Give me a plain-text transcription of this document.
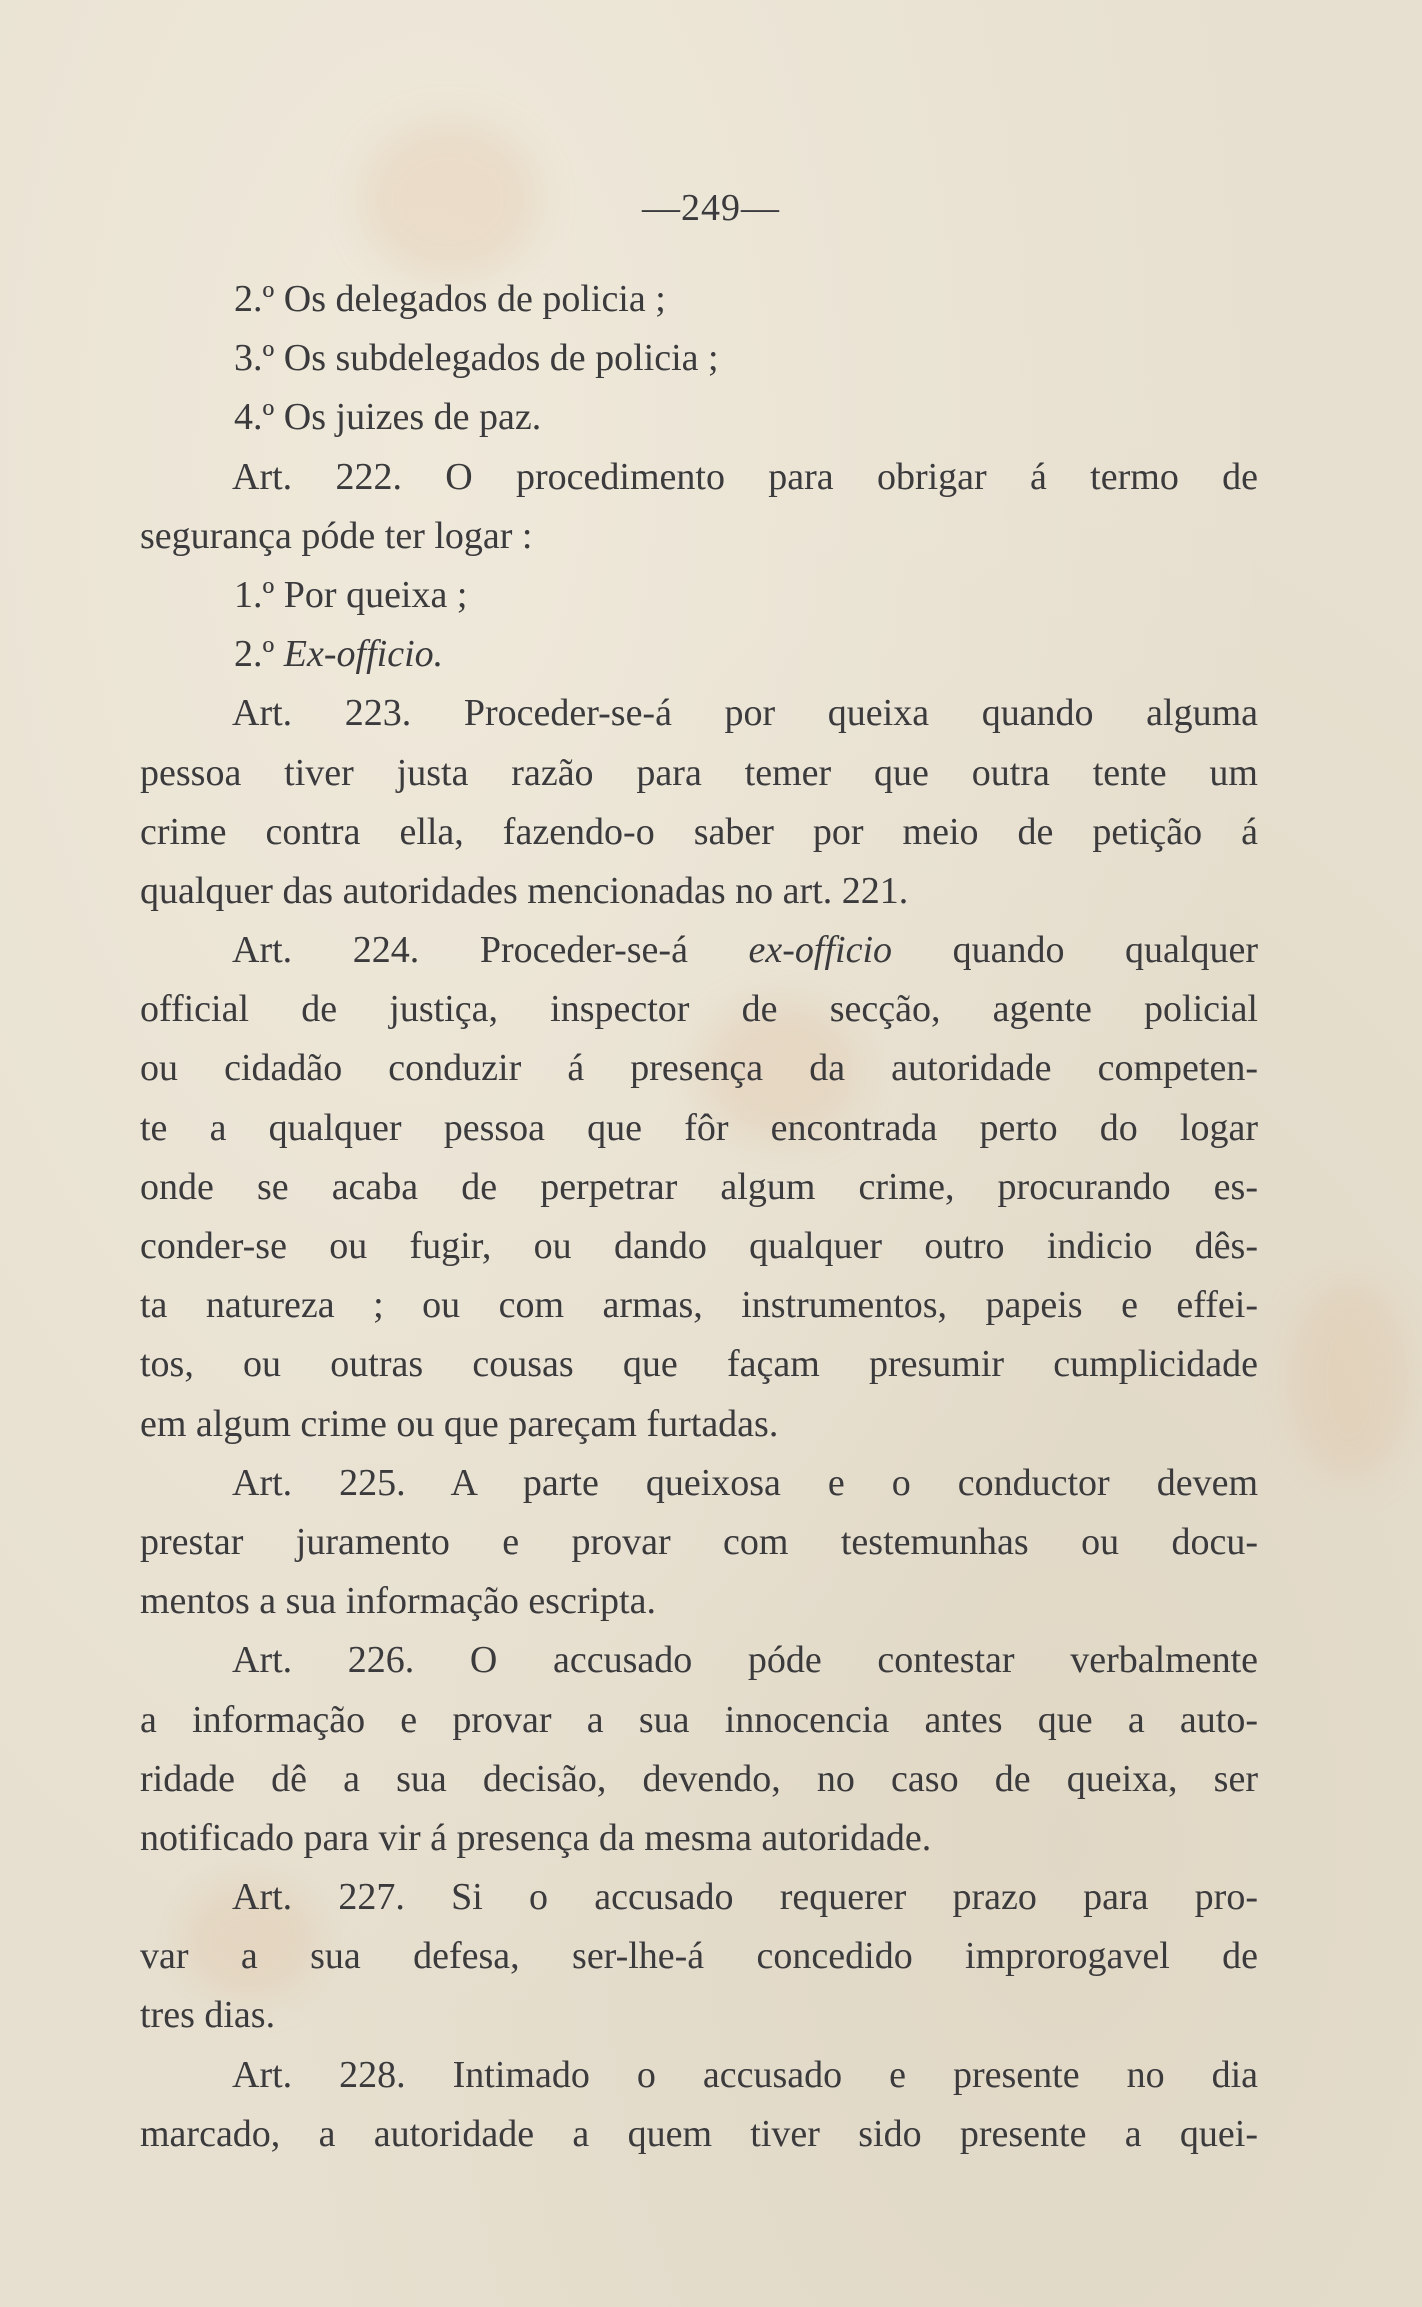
—249—
2.º Os delegados de policia ;
3.º Os subdelegados de policia ;
4.º Os juizes de paz.
Art. 222. O procedimento para obrigar á termo de
segurança póde ter logar :
1.º Por queixa ;
2.º Ex-officio.
Art. 223. Proceder-se-á por queixa quando alguma
pessoa tiver justa razão para temer que outra tente um
crime contra ella, fazendo-o saber por meio de petição á
qualquer das autoridades mencionadas no art. 221.
Art. 224. Proceder-se-á ex-officio quando qualquer
official de justiça, inspector de secção, agente policial
ou cidadão conduzir á presença da autoridade competen-
te a qualquer pessoa que fôr encontrada perto do logar
onde se acaba de perpetrar algum crime, procurando es-
conder-se ou fugir, ou dando qualquer outro indicio dês-
ta natureza ; ou com armas, instrumentos, papeis e effei-
tos, ou outras cousas que façam presumir cumplicidade
em algum crime ou que pareçam furtadas.
Art. 225. A parte queixosa e o conductor devem
prestar juramento e provar com testemunhas ou docu-
mentos a sua informação escripta.
Art. 226. O accusado póde contestar verbalmente
a informação e provar a sua innocencia antes que a auto-
ridade dê a sua decisão, devendo, no caso de queixa, ser
notificado para vir á presença da mesma autoridade.
Art. 227. Si o accusado requerer prazo para pro-
var a sua defesa, ser-lhe-á concedido improrogavel de
tres dias.
Art. 228. Intimado o accusado e presente no dia
marcado, a autoridade a quem tiver sido presente a quei-
